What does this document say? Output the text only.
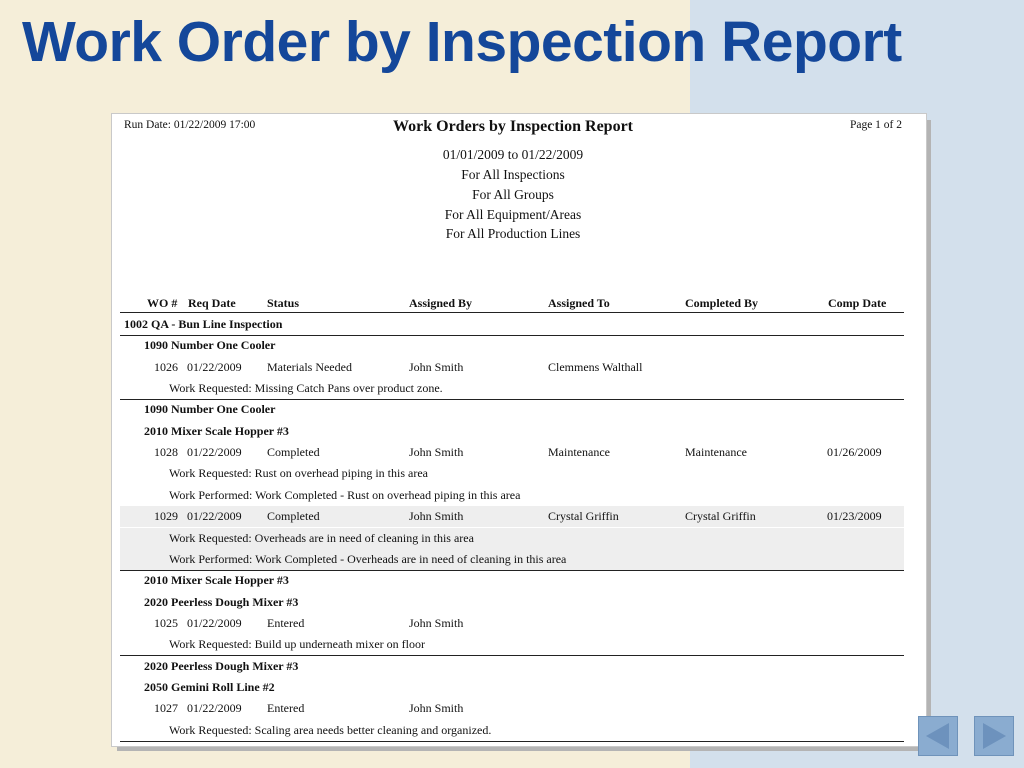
Work Order by Inspection Report
Run Date: 01/22/2009 17:00	Work Orders by Inspection Report	Page 1 of 2
01/01/2009 to 01/22/2009
For All Inspections
For All Groups
For All Equipment/Areas
For All Production Lines
WO # Req Date	Status	Assigned By	Assigned To	Completed By	Comp Date
1002 QA - Bun Line Inspection
1090 Number One Cooler
1026 01/22/2009 Materials Needed	John Smith	Clemmens Walthall
Work Requested: Missing Catch Pans over product zone.
1090 Number One Cooler
2010 Mixer Scale Hopper #3
1028 01/22/2009 Completed	John Smith	Maintenance	Maintenance	01/26/2009
Work Requested: Rust on overhead piping in this area
Work Performed: Work Completed - Rust on overhead piping in this area
1029 01/22/2009 Completed	John Smith	Crystal Griffin	Crystal Griffin	01/23/2009
Work Requested: Overheads are in need of cleaning in this area
Work Performed: Work Completed - Overheads are in need of cleaning in this area
2010 Mixer Scale Hopper #3
2020 Peerless Dough Mixer #3
1025 01/22/2009 Entered	John Smith
Work Requested: Build up underneath mixer on floor
2020 Peerless Dough Mixer #3
2050 Gemini Roll Line #2
1027 01/22/2009 Entered	John Smith
Work Requested: Scaling area needs better cleaning and organized.
